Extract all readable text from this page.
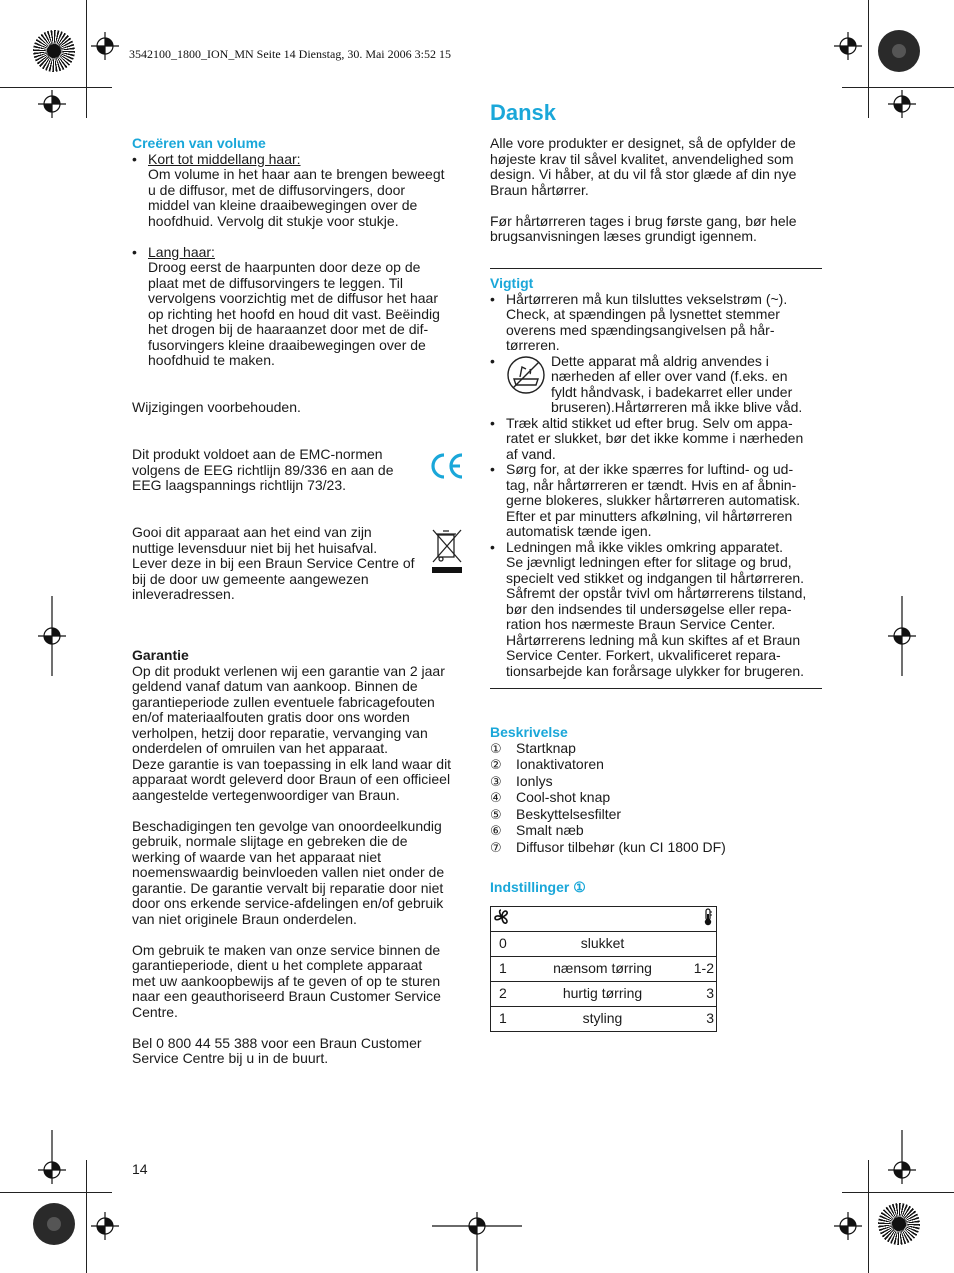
3542100_1800_ION_MN Seite 14 Dienstag, 30. Mai 2006 3:52 15
Creëren van volume
• Kort tot middellang haar:
Om volume in het haar aan te brengen beweegt
u de diffusor, met de diffusorvingers, door
middel van kleine draaibewegingen over de
hoofdhuid. Vervolg dit stukje voor stukje.
• Lang haar:
Droog eerst de haarpunten door deze op de
plaat met de diffusorvingers te leggen. Til
vervolgens voorzichtig met de diffusor het haar
op richting het hoofd en houd dit vast. Beëindig
het drogen bij de haaraanzet door met de dif-
fusorvingers kleine draaibewegingen over de
hoofdhuid te maken.
Wijzigingen voorbehouden.
Dit produkt voldoet aan de EMC-normen
volgens de EEG richtlijn 89/336 en aan de
EEG laagspannings richtlijn 73/23.
Gooi dit apparaat aan het eind van zijn
nuttige levensduur niet bij het huisafval.
Lever deze in bij een Braun Service Centre of
bij de door uw gemeente aangewezen
inleveradressen.
Garantie
Op dit produkt verlenen wij een garantie van 2 jaar
geldend vanaf datum van aankoop. Binnen de
garantieperiode zullen eventuele fabricagefouten
en/of materiaalfouten gratis door ons worden
verholpen, hetzij door reparatie, vervanging van
onderdelen of omruilen van het apparaat.
Deze garantie is van toepassing in elk land waar dit
apparaat wordt geleverd door Braun of een officieel
aangestelde vertegenwoordiger van Braun.
Beschadigingen ten gevolge van onoordeelkundig
gebruik, normale slijtage en gebreken die de
werking of waarde van het apparaat niet
noemenswaardig beinvloeden vallen niet onder de
garantie. De garantie vervalt bij reparatie door niet
door ons erkende service-afdelingen en/of gebruik
van niet originele Braun onderdelen.
Om gebruik te maken van onze service binnen de
garantieperiode, dient u het complete apparaat
met uw aankoopbewijs af te geven of op te sturen
naar een geauthoriseerd Braun Customer Service
Centre.
Bel 0 800 44 55 388 voor een Braun Customer
Service Centre bij u in de buurt.
14
Dansk
Alle vore produkter er designet, så de opfylder de
højeste krav til såvel kvalitet, anvendelighed som
design. Vi håber, at du vil få stor glæde af din nye
Braun hårtørrer.
Før hårtørreren tages i brug første gang, bør hele
brugsanvisningen læses grundigt igennem.
Vigtigt
• Hårtørreren må kun tilsluttes vekselstrøm (~).
Check, at spændingen på lysnettet stemmer
overens med spændingsangivelsen på hår-
tørreren.
• Dette apparat må aldrig anvendes i
nærheden af eller over vand (f.eks. en
fyldt håndvask, i badekarret eller under
bruseren).Hårtørreren må ikke blive våd.
• Træk altid stikket ud efter brug. Selv om appa-
ratet er slukket, bør det ikke komme i nærheden
af vand.
• Sørg for, at der ikke spærres for luftind- og ud-
tag, når hårtørreren er tændt. Hvis en af åbnin-
gerne blokeres, slukker hårtørreren automatisk.
Efter et par minutters afkølning, vil hårtørreren
automatisk tænde igen.
• Ledningen må ikke vikles omkring apparatet.
Se jævnligt ledningen efter for slitage og brud,
specielt ved stikket og indgangen til hårtørreren.
Såfremt der opstår tvivl om hårtørrerens tilstand,
bør den indsendes til undersøgelse eller repa-
ration hos nærmeste Braun Service Center.
Hårtørrerens ledning må kun skiftes af et Braun
Service Center. Forkert, ukvalificeret repara-
tionsarbejde kan forårsage ulykker for brugeren.
Beskrivelse
① Startknap
② Ionaktivatoren
③ Ionlys
④ Cool-shot knap
⑤ Beskyttelsesfilter
⑥ Smalt næb
⑦ Diffusor tilbehør (kun CI 1800 DF)
Indstillinger ①

0	slukket	
1	nænsom tørring	1-2
2	hurtig tørring	3
1	styling	3
